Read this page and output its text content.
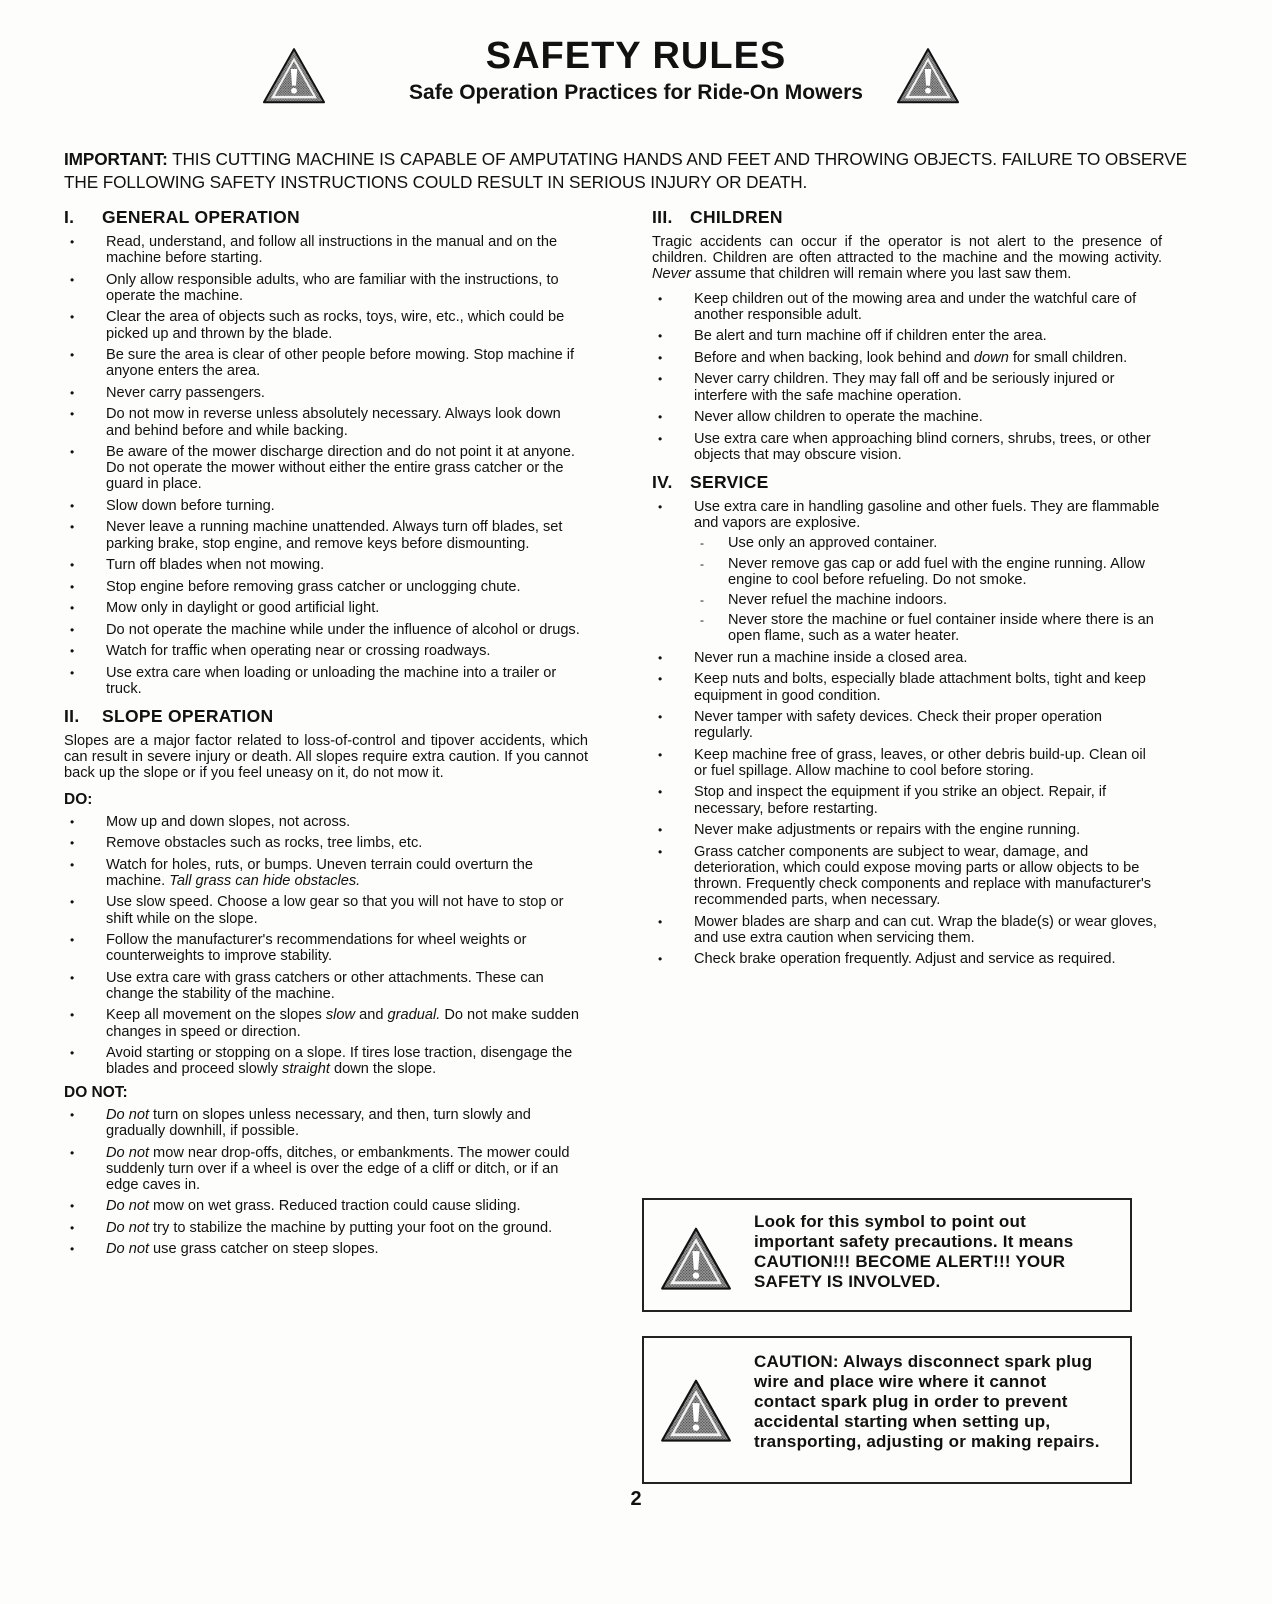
SAFETY RULES
Safe Operation Practices for Ride-On Mowers
IMPORTANT: THIS CUTTING MACHINE IS CAPABLE OF AMPUTATING HANDS AND FEET AND THROWING OBJECTS. FAILURE TO OBSERVE THE FOLLOWING SAFETY INSTRUCTIONS COULD RESULT IN SERIOUS INJURY OR DEATH.
I. GENERAL OPERATION
• Read, understand, and follow all instructions in the manual and on the machine before starting.
• Only allow responsible adults, who are familiar with the instructions, to operate the machine.
• Clear the area of objects such as rocks, toys, wire, etc., which could be picked up and thrown by the blade.
• Be sure the area is clear of other people before mowing. Stop machine if anyone enters the area.
• Never carry passengers.
• Do not mow in reverse unless absolutely necessary. Always look down and behind before and while backing.
• Be aware of the mower discharge direction and do not point it at anyone. Do not operate the mower without either the entire grass catcher or the guard in place.
• Slow down before turning.
• Never leave a running machine unattended. Always turn off blades, set parking brake, stop engine, and remove keys before dismounting.
• Turn off blades when not mowing.
• Stop engine before removing grass catcher or unclogging chute.
• Mow only in daylight or good artificial light.
• Do not operate the machine while under the influence of alcohol or drugs.
• Watch for traffic when operating near or crossing roadways.
• Use extra care when loading or unloading the machine into a trailer or truck.
II. SLOPE OPERATION

Slopes are a major factor related to loss-of-control and tipover accidents, which can result in severe injury or death. All slopes require extra caution. If you cannot back up the slope or if you feel uneasy on it, do not mow it.

DO:
• Mow up and down slopes, not across.
• Remove obstacles such as rocks, tree limbs, etc.
• Watch for holes, ruts, or bumps. Uneven terrain could overturn the machine. Tall grass can hide obstacles.
• Use slow speed. Choose a low gear so that you will not have to stop or shift while on the slope.
• Follow the manufacturer's recommendations for wheel weights or counterweights to improve stability.
• Use extra care with grass catchers or other attachments. These can change the stability of the machine.
• Keep all movement on the slopes slow and gradual. Do not make sudden changes in speed or direction.
• Avoid starting or stopping on a slope. If tires lose traction, disengage the blades and proceed slowly straight down the slope.
DO NOT:
• Do not turn on slopes unless necessary, and then, turn slowly and gradually downhill, if possible.
• Do not mow near drop-offs, ditches, or embankments. The mower could suddenly turn over if a wheel is over the edge of a cliff or ditch, or if an edge caves in.
• Do not mow on wet grass. Reduced traction could cause sliding.
• Do not try to stabilize the machine by putting your foot on the ground.
• Do not use grass catcher on steep slopes.
III. CHILDREN

Tragic accidents can occur if the operator is not alert to the presence of children. Children are often attracted to the machine and the mowing activity. Never assume that children will remain where you last saw them.

• Keep children out of the mowing area and under the watchful care of another responsible adult.
• Be alert and turn machine off if children enter the area.
• Before and when backing, look behind and down for small children.
• Never carry children. They may fall off and be seriously injured or interfere with the safe machine operation.
• Never allow children to operate the machine.
• Use extra care when approaching blind corners, shrubs, trees, or other objects that may obscure vision.
IV. SERVICE
• Use extra care in handling gasoline and other fuels. They are flammable and vapors are explosive.
- Use only an approved container.
- Never remove gas cap or add fuel with the engine running. Allow engine to cool before refueling. Do not smoke.
- Never refuel the machine indoors.
- Never store the machine or fuel container inside where there is an open flame, such as a water heater.
• Never run a machine inside a closed area.
• Keep nuts and bolts, especially blade attachment bolts, tight and keep equipment in good condition.
• Never tamper with safety devices. Check their proper operation regularly.
• Keep machine free of grass, leaves, or other debris build-up. Clean oil or fuel spillage. Allow machine to cool before storing.
• Stop and inspect the equipment if you strike an object. Repair, if necessary, before restarting.
• Never make adjustments or repairs with the engine running.
• Grass catcher components are subject to wear, damage, and deterioration, which could expose moving parts or allow objects to be thrown. Frequently check components and replace with manufacturer's recommended parts, when necessary.
• Mower blades are sharp and can cut. Wrap the blade(s) or wear gloves, and use extra caution when servicing them.
• Check brake operation frequently. Adjust and service as required.
Look for this symbol to point out important safety precautions. It means CAUTION!!! BECOME ALERT!!! YOUR SAFETY IS INVOLVED.
CAUTION: Always disconnect spark plug wire and place wire where it cannot contact spark plug in order to prevent accidental starting when setting up, transporting, adjusting or making repairs.
2
